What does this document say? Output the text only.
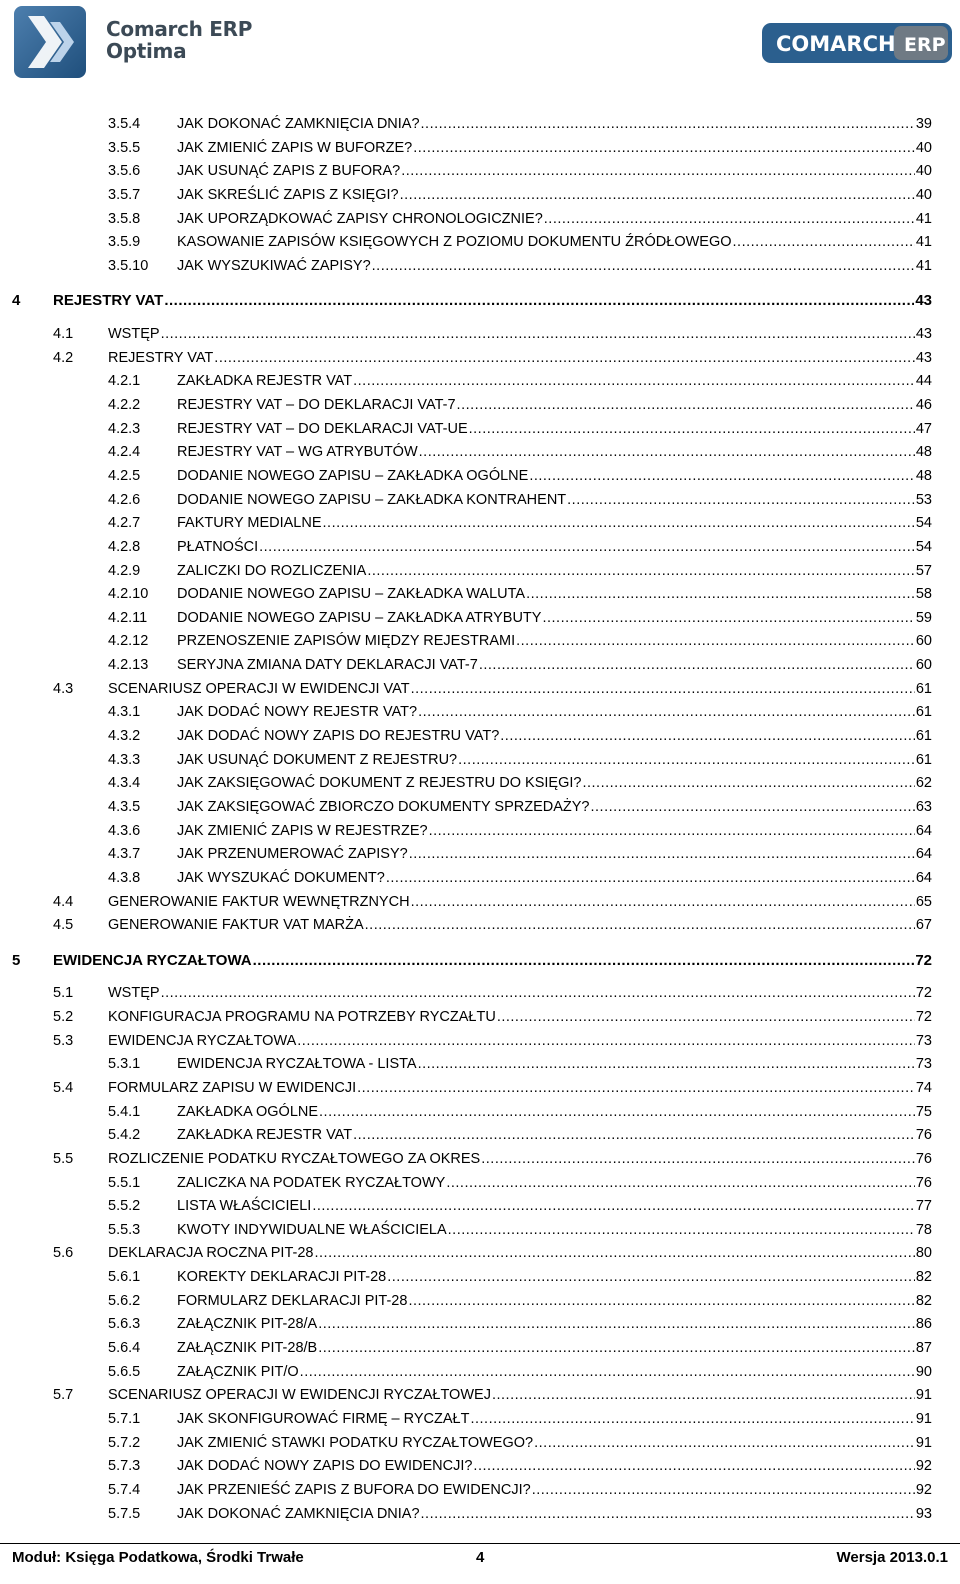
Comarch ERP
Optima	COMARCH ERP
3.5.4	JAK DOKONAĆ ZAMKNIĘCIA DNIA? .....	39
3.5.5	JAK ZMIENIĆ ZAPIS W BUFORZE? .....	40
3.5.6	JAK USUNĄĆ ZAPIS Z BUFORA? .....	40
3.5.7	JAK SKREŚLIĆ ZAPIS Z KSIĘGI? .....	40
3.5.8	JAK UPORZĄDKOWAĆ ZAPISY CHRONOLOGICZNIE? .....	41
3.5.9	KASOWANIE ZAPISÓW KSIĘGOWYCH Z POZIOMU DOKUMENTU ŹRÓDŁOWEGO .....	41
3.5.10 JAK WYSZUKIWAĆ ZAPISY? .....	41
4 REJESTRY VAT .....	43
4.1 WSTĘP .....	43
4.2 REJESTRY VAT .....	43
4.2.1	ZAKŁADKA REJESTR VAT .....	44
4.2.2	REJESTRY VAT – DO DEKLARACJI VAT-7 .....	46
4.2.3	REJESTRY VAT – DO DEKLARACJI VAT-UE .....	47
4.2.4	REJESTRY VAT – WG ATRYBUTÓW .....	48
4.2.5	DODANIE NOWEGO ZAPISU – ZAKŁADKA OGÓLNE .....	48
4.2.6	DODANIE NOWEGO ZAPISU – ZAKŁADKA KONTRAHENT .....	53
4.2.7	FAKTURY MEDIALNE .....	54
4.2.8	PŁATNOŚCI .....	54
4.2.9	ZALICZKI DO ROZLICZENIA .....	57
4.2.10 DODANIE NOWEGO ZAPISU – ZAKŁADKA WALUTA .....	58
4.2.11 DODANIE NOWEGO ZAPISU – ZAKŁADKA ATRYBUTY .....	59
4.2.12 PRZENOSZENIE ZAPISÓW MIĘDZY REJESTRAMI .....	60
4.2.13 SERYJNA ZMIANA DATY DEKLARACJI VAT-7 .....	60
4.3 SCENARIUSZ OPERACJI W EWIDENCJI VAT .....	61
4.3.1	JAK DODAĆ NOWY REJESTR VAT? .....	61
4.3.2	JAK DODAĆ NOWY ZAPIS DO REJESTRU VAT? .....	61
4.3.3	JAK USUNĄĆ DOKUMENT Z REJESTRU? .....	61
4.3.4	JAK ZAKSIĘGOWAĆ DOKUMENT Z REJESTRU DO KSIĘGI? .....	62
4.3.5	JAK ZAKSIĘGOWAĆ ZBIORCZO DOKUMENTY SPRZEDAŻY? .....	63
4.3.6	JAK ZMIENIĆ ZAPIS W REJESTRZE? .....	64
4.3.7	JAK PRZENUMEROWAĆ ZAPISY? .....	64
4.3.8	JAK WYSZUKAĆ DOKUMENT? .....	64
4.4 GENEROWANIE FAKTUR WEWNĘTRZNYCH .....	65
4.5 GENEROWANIE FAKTUR VAT MARŻA .....	67
5 EWIDENCJA RYCZAŁTOWA .....	72
5.1 WSTĘP .....	72
5.2 KONFIGURACJA PROGRAMU NA POTRZEBY RYCZAŁTU .....	72
5.3 EWIDENCJA RYCZAŁTOWA .....	73
5.3.1	EWIDENCJA RYCZAŁTOWA - LISTA .....	73
5.4 FORMULARZ ZAPISU W EWIDENCJI .....	74
5.4.1	ZAKŁADKA OGÓLNE .....	75
5.4.2	ZAKŁADKA REJESTR VAT .....	76
5.5 ROZLICZENIE PODATKU RYCZAŁTOWEGO ZA OKRES .....	76
5.5.1	ZALICZKA NA PODATEK RYCZAŁTOWY .....	76
5.5.2	LISTA WŁAŚCICIELI .....	77
5.5.3	KWOTY INDYWIDUALNE WŁAŚCICIELA .....	78
5.6 DEKLARACJA ROCZNA PIT-28 .....	80
5.6.1	KOREKTY DEKLARACJI PIT-28 .....	82
5.6.2	FORMULARZ DEKLARACJI PIT-28 .....	82
5.6.3	ZAŁĄCZNIK PIT-28/A .....	86
5.6.4	ZAŁĄCZNIK PIT-28/B .....	87
5.6.5	ZAŁĄCZNIK PIT/O .....	90
5.7 SCENARIUSZ OPERACJI W EWIDENCJI RYCZAŁTOWEJ .....	91
5.7.1	JAK SKONFIGUROWAĆ FIRMĘ – RYCZAŁT .....	91
5.7.2	JAK ZMIENIĆ STAWKI PODATKU RYCZAŁTOWEGO? .....	91
5.7.3	JAK DODAĆ NOWY ZAPIS DO EWIDENCJI? .....	92
5.7.4	JAK PRZENIEŚĆ ZAPIS Z BUFORA DO EWIDENCJI? .....	92
5.7.5	JAK DOKONAĆ ZAMKNIĘCIA DNIA? .....	93
Moduł: Księga Podatkowa, Środki Trwałe	4	Wersja 2013.0.1
